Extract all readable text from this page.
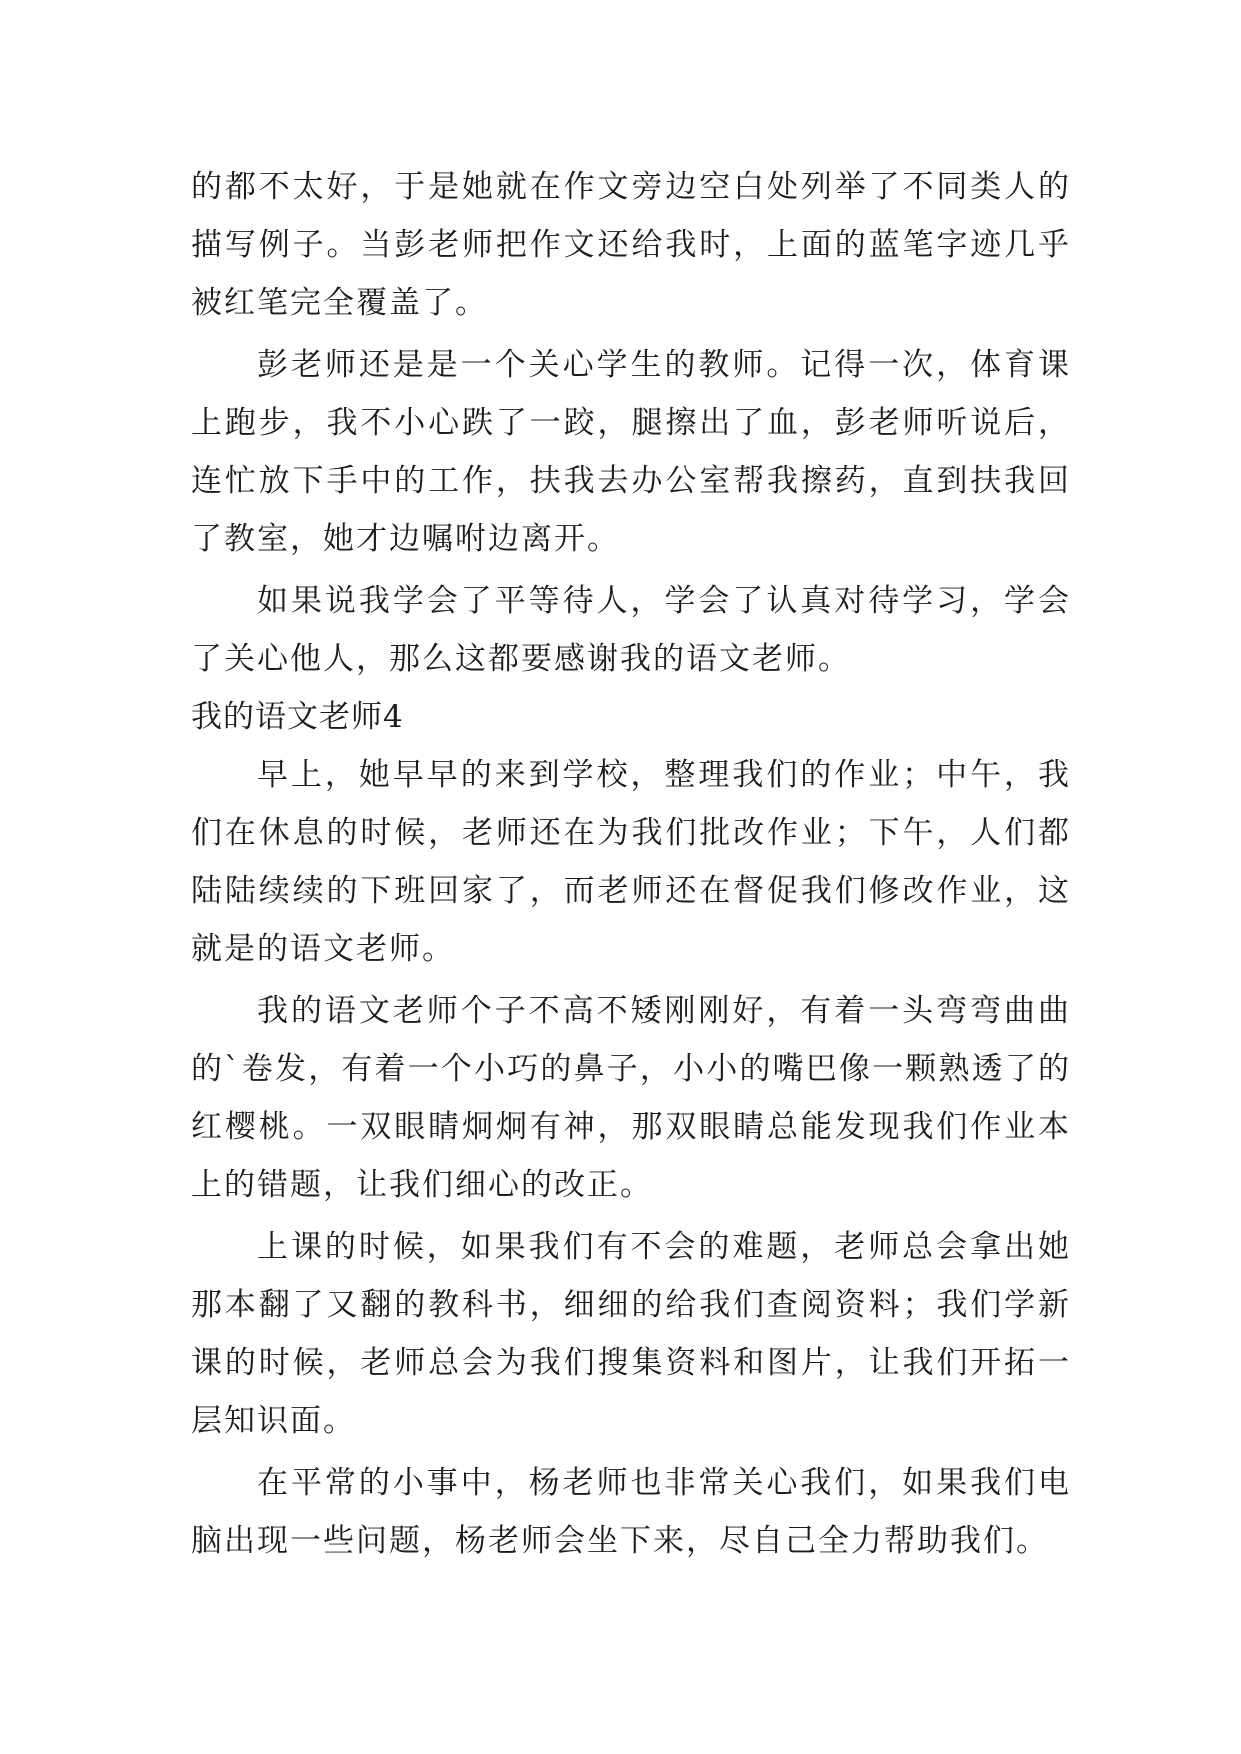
的都不太好，于是她就在作文旁边空白处列举了不同类人的描写例子。当彭老师把作文还给我时，上面的蓝笔字迹几乎被红笔完全覆盖了。

彭老师还是是一个关心学生的教师。记得一次，体育课上跑步，我不小心跌了一跤，腿擦出了血，彭老师听说后，连忙放下手中的工作，扶我去办公室帮我擦药，直到扶我回了教室，她才边嘱咐边离开。

如果说我学会了平等待人，学会了认真对待学习，学会了关心他人，那么这都要感谢我的语文老师。

我的语文老师4

早上，她早早的来到学校，整理我们的作业；中午，我们在休息的时候，老师还在为我们批改作业；下午，人们都陆陆续续的下班回家了，而老师还在督促我们修改作业，这就是的语文老师。

我的语文老师个子不高不矮刚刚好，有着一头弯弯曲曲的`卷发，有着一个小巧的鼻子，小小的嘴巴像一颗熟透了的红樱桃。一双眼睛炯炯有神，那双眼睛总能发现我们作业本上的错题，让我们细心的改正。

上课的时候，如果我们有不会的难题，老师总会拿出她那本翻了又翻的教科书，细细的给我们查阅资料；我们学新课的时候，老师总会为我们搜集资料和图片，让我们开拓一层知识面。

在平常的小事中，杨老师也非常关心我们，如果我们电脑出现一些问题，杨老师会坐下来，尽自己全力帮助我们。
